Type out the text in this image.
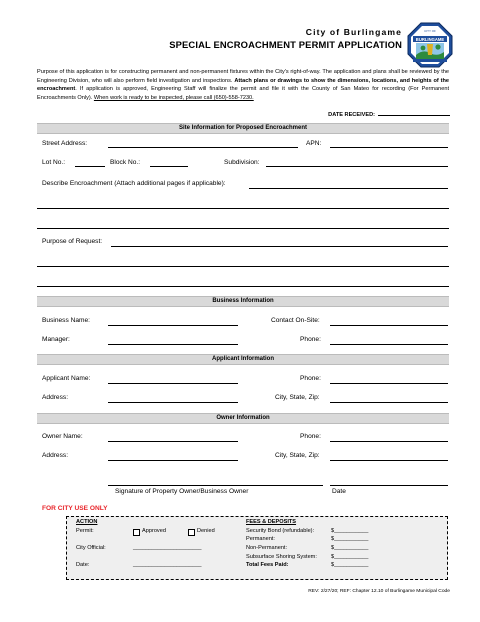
City of Burlingame
SPECIAL ENCROACHMENT PERMIT APPLICATION	BURLINGAME
CITY OF
Purpose of this application is for constructing permanent and non-permanent fixtures within the City's right-of-way. The application and plans shall be reviewed by the Engineering Division, who will also perform field investigation and inspections. Attach plans or drawings to show the dimensions, locations, and heights of the encroachment. If application is approved, Engineering Staff will finalize the permit and file it with the County of San Mateo for recording (For Permanent Encroachments Only). When work is ready to be inspected, please call (650)-558-7230.
DATE RECEIVED:
Site Information for Proposed Encroachment
Street Address:	APN:
Lot No.:	Block No.:	Subdivision:
Describe Encroachment (Attach additional pages if applicable):
Purpose of Request:
Business Information
Business Name:	Contact On-Site:
Manager:	Phone:
Applicant Information
Applicant Name:	Phone:
Address:	City, State, Zip:
Owner Information
Owner Name:	Phone:
Address:	City, State, Zip:
Signature of Property Owner/Business Owner	Date
FOR CITY USE ONLY
ACTION
Permit:	Approved	Denied
City Official:	______________________
Date:	______________________
FEES & DEPOSITS
Security Bond (refundable):	$___________
Permanent:	$___________
Non-Permanent:	$___________
Subsurface Shoring System:	$___________
Total Fees Paid:	$___________
REV: 2/27/20; REF: Chapter 12.10 of Burlingame Municipal Code
